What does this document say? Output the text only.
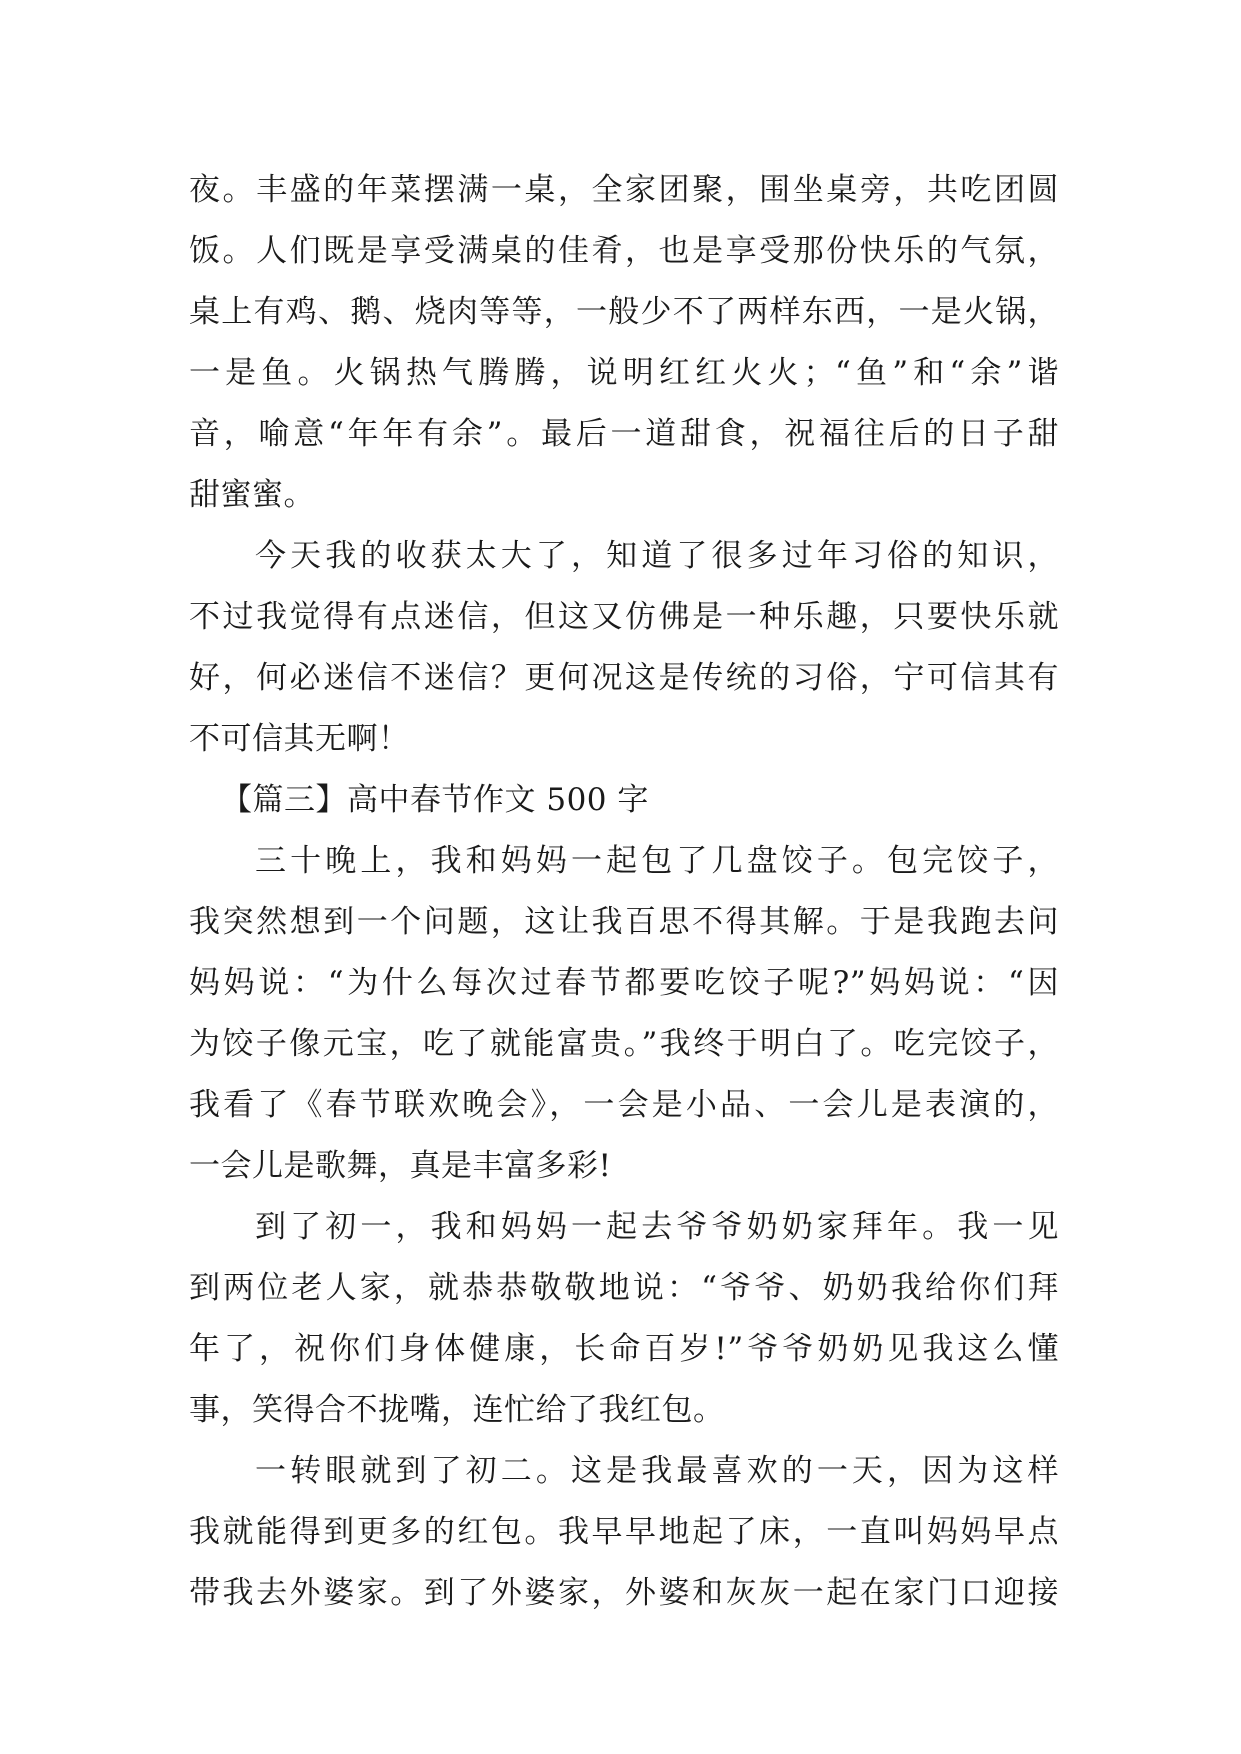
夜。丰盛的年菜摆满一桌，全家团聚，围坐桌旁，共吃团圆
饭。人们既是享受满桌的佳肴，也是享受那份快乐的气氛，
桌上有鸡、鹅、烧肉等等，一般少不了两样东西，一是火锅，
一是鱼。火锅热气腾腾，说明红红火火；“鱼”和“余”谐
音，喻意“年年有余”。最后一道甜食，祝福往后的日子甜
甜蜜蜜。
今天我的收获太大了，知道了很多过年习俗的知识，
不过我觉得有点迷信，但这又仿佛是一种乐趣，只要快乐就
好，何必迷信不迷信？更何况这是传统的习俗，宁可信其有
不可信其无啊！
【篇三】高中春节作文 500 字
三十晚上，我和妈妈一起包了几盘饺子。包完饺子，
我突然想到一个问题，这让我百思不得其解。于是我跑去问
妈妈说：“为什么每次过春节都要吃饺子呢?”妈妈说：“因
为饺子像元宝，吃了就能富贵。”我终于明白了。吃完饺子，
我看了《春节联欢晚会》，一会是小品、一会儿是表演的，
一会儿是歌舞，真是丰富多彩!
到了初一，我和妈妈一起去爷爷奶奶家拜年。我一见
到两位老人家，就恭恭敬敬地说：“爷爷、奶奶我给你们拜
年了，祝你们身体健康，长命百岁!”爷爷奶奶见我这么懂
事，笑得合不拢嘴，连忙给了我红包。
一转眼就到了初二。这是我最喜欢的一天，因为这样
我就能得到更多的红包。我早早地起了床，一直叫妈妈早点
带我去外婆家。到了外婆家，外婆和灰灰一起在家门口迎接
